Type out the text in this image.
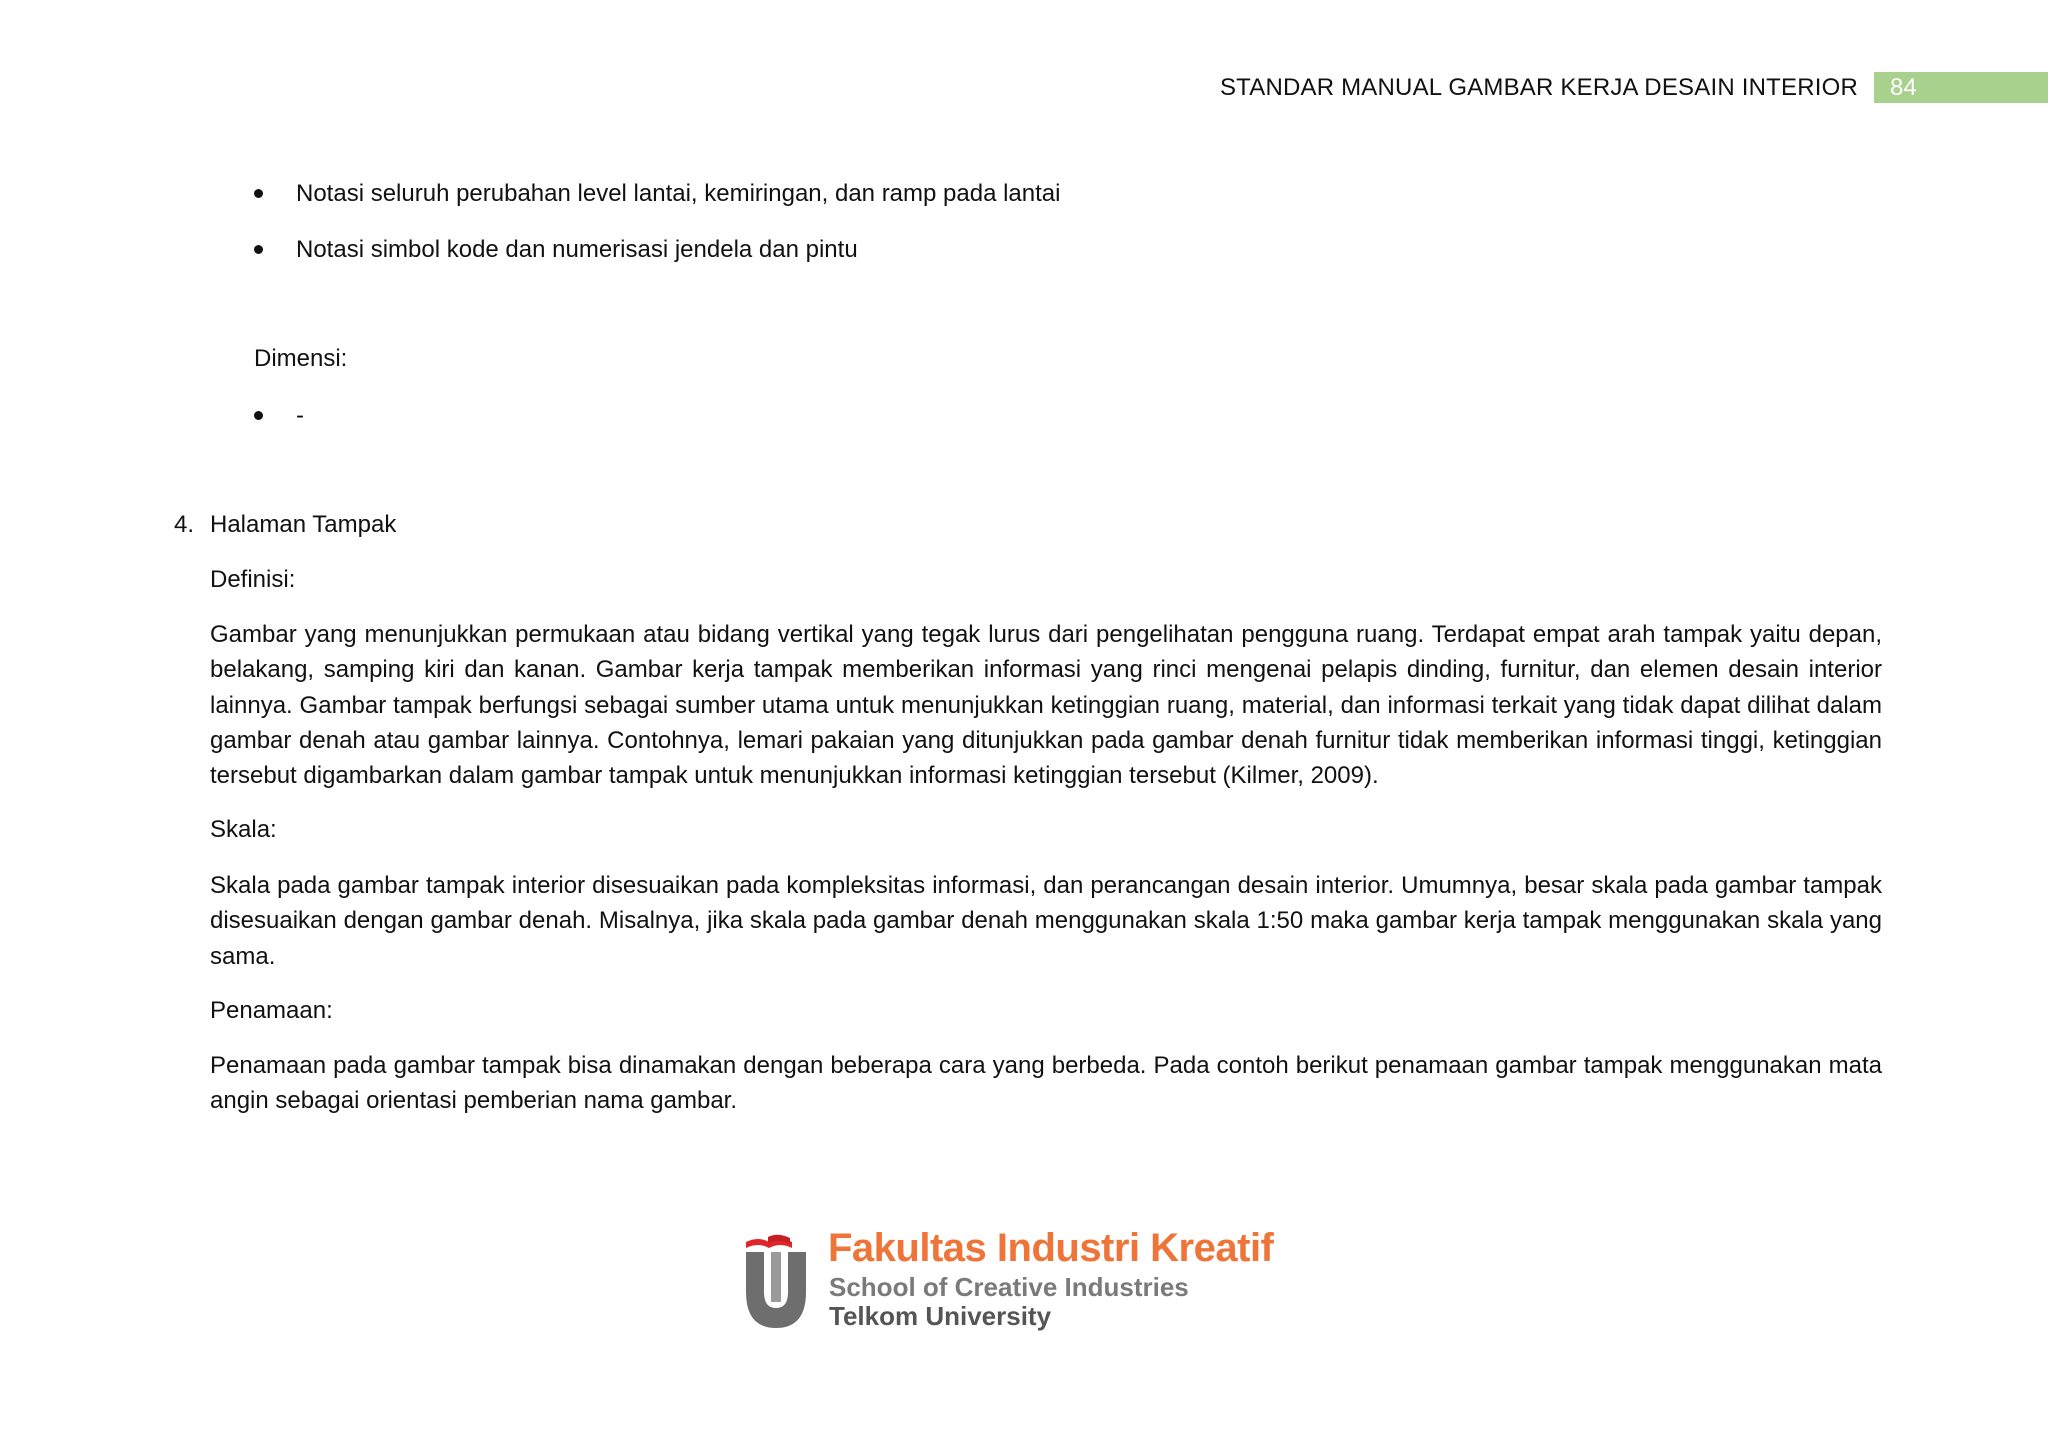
STANDAR MANUAL GAMBAR KERJA DESAIN INTERIOR	84
Notasi seluruh perubahan level lantai, kemiringan, dan ramp pada lantai
Notasi simbol kode dan numerisasi jendela dan pintu
Dimensi:
-
4. Halaman Tampak
Definisi:
Gambar yang menunjukkan permukaan atau bidang vertikal yang tegak lurus dari pengelihatan pengguna ruang. Terdapat empat arah tampak yaitu depan, belakang, samping kiri dan kanan. Gambar kerja tampak memberikan informasi yang rinci mengenai pelapis dinding, furnitur, dan elemen desain interior lainnya. Gambar tampak berfungsi sebagai sumber utama untuk menunjukkan ketinggian ruang, material, dan informasi terkait yang tidak dapat dilihat dalam gambar denah atau gambar lainnya. Contohnya, lemari pakaian yang ditunjukkan pada gambar denah furnitur tidak memberikan informasi tinggi, ketinggian tersebut digambarkan dalam gambar tampak untuk menunjukkan informasi ketinggian tersebut (Kilmer, 2009).
Skala:
Skala pada gambar tampak interior disesuaikan pada kompleksitas informasi, dan perancangan desain interior. Umumnya, besar skala pada gambar tampak disesuaikan dengan gambar denah. Misalnya, jika skala pada gambar denah menggunakan skala 1:50 maka gambar kerja tampak menggunakan skala yang sama.
Penamaan:
Penamaan pada gambar tampak bisa dinamakan dengan beberapa cara yang berbeda. Pada contoh berikut penamaan gambar tampak menggunakan mata angin sebagai orientasi pemberian nama gambar.
Fakultas Industri Kreatif
School of Creative Industries
Telkom University
